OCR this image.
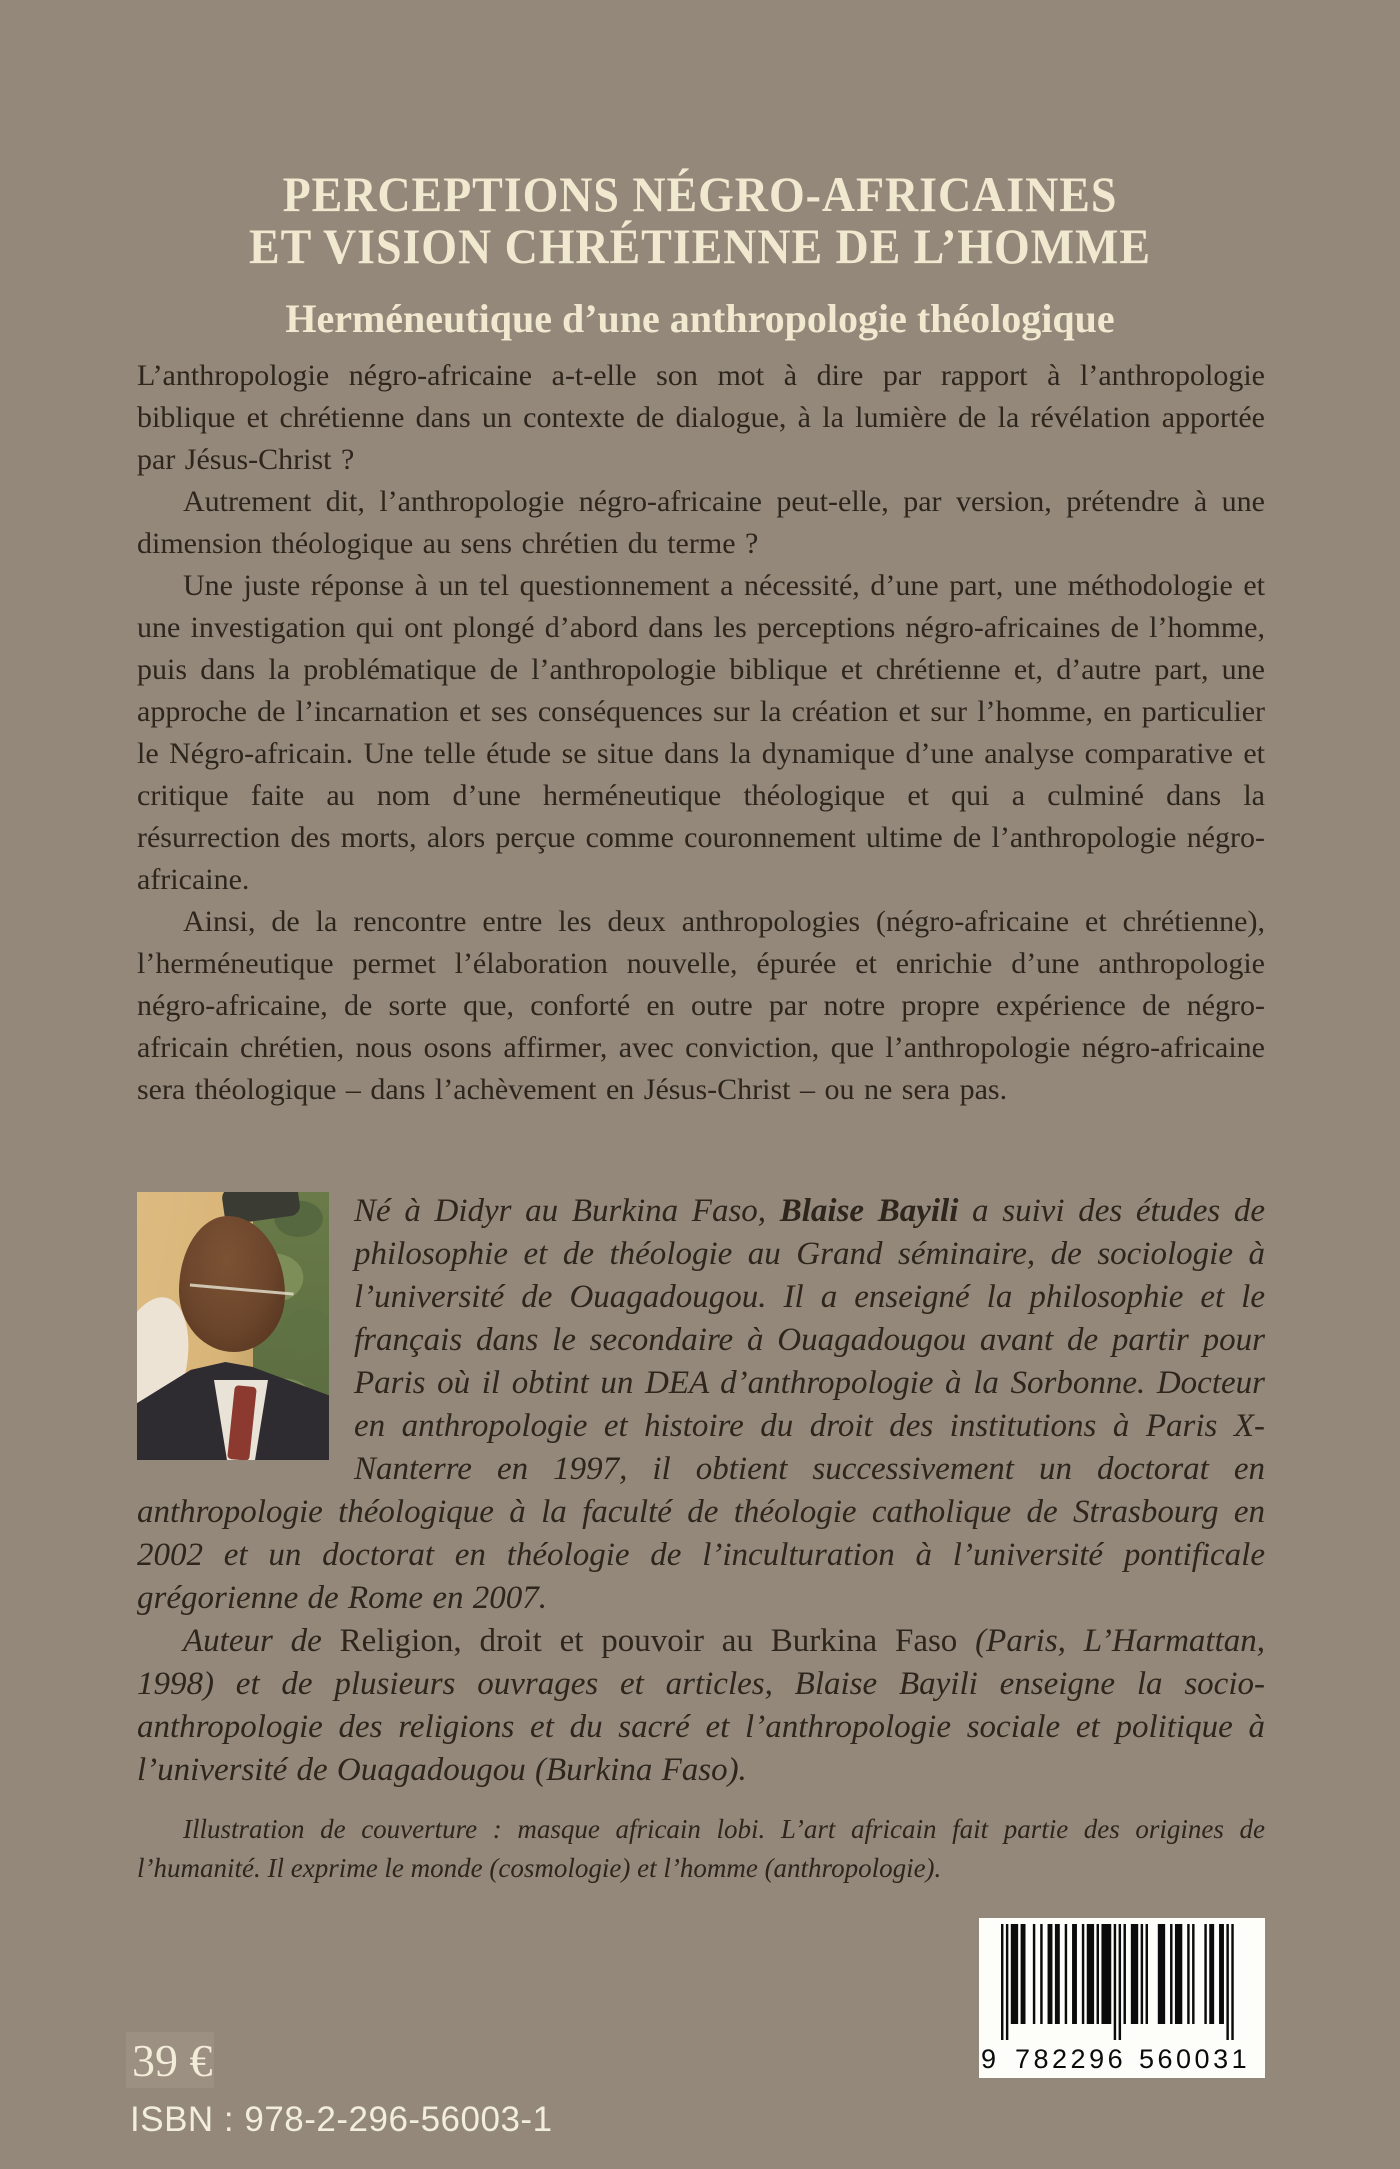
PERCEPTIONS NÉGRO-AFRICAINES
ET VISION CHRÉTIENNE DE L’HOMME
Herméneutique d’une anthropologie théologique

L’anthropologie négro-africaine a-t-elle son mot à dire par rapport à l’anthropologie biblique et chrétienne dans un contexte de dialogue, à la lumière de la révélation apportée par Jésus-Christ ?

Autrement dit, l’anthropologie négro-africaine peut-elle, par version, prétendre à une dimension théologique au sens chrétien du terme ?

Une juste réponse à un tel questionnement a nécessité, d’une part, une méthodologie et une investigation qui ont plongé d’abord dans les perceptions négro-africaines de l’homme, puis dans la problématique de l’anthropologie biblique et chrétienne et, d’autre part, une approche de l’incarnation et ses conséquences sur la création et sur l’homme, en particulier le Négro-africain. Une telle étude se situe dans la dynamique d’une analyse comparative et critique faite au nom d’une herméneutique théologique et qui a culminé dans la résurrection des morts, alors perçue comme couronnement ultime de l’anthropologie négro-africaine.

Ainsi, de la rencontre entre les deux anthropologies (négro-africaine et chrétienne), l’herméneutique permet l’élaboration nouvelle, épurée et enrichie d’une anthropologie négro-africaine, de sorte que, conforté en outre par notre propre expérience de négro-africain chrétien, nous osons affirmer, avec conviction, que l’anthropologie négro-africaine sera théologique – dans l’achèvement en Jésus-Christ – ou ne sera pas.

Né à Didyr au Burkina Faso, Blaise Bayili a suivi des études de philosophie et de théologie au Grand séminaire, de sociologie à l’université de Ouagadougou. Il a enseigné la philosophie et le français dans le secondaire à Ouagadougou avant de partir pour Paris où il obtint un DEA d’anthropologie à la Sorbonne. Docteur en anthropologie et histoire du droit des institutions à Paris X-Nanterre en 1997, il obtient successivement un doctorat en anthropologie théologique à la faculté de théologie catholique de Strasbourg en 2002 et un doctorat en théologie de l’inculturation à l’université pontificale grégorienne de Rome en 2007.

Auteur de Religion, droit et pouvoir au Burkina Faso (Paris, L’Harmattan, 1998) et de plusieurs ouvrages et articles, Blaise Bayili enseigne la socio-anthropologie des religions et du sacré et l’anthropologie sociale et politique à l’université de Ouagadougou (Burkina Faso).

Illustration de couverture : masque africain lobi. L’art africain fait partie des origines de l’humanité. Il exprime le monde (cosmologie) et l’homme (anthropologie).

39 €
ISBN : 978-2-296-56003-1
9 782296 560031
